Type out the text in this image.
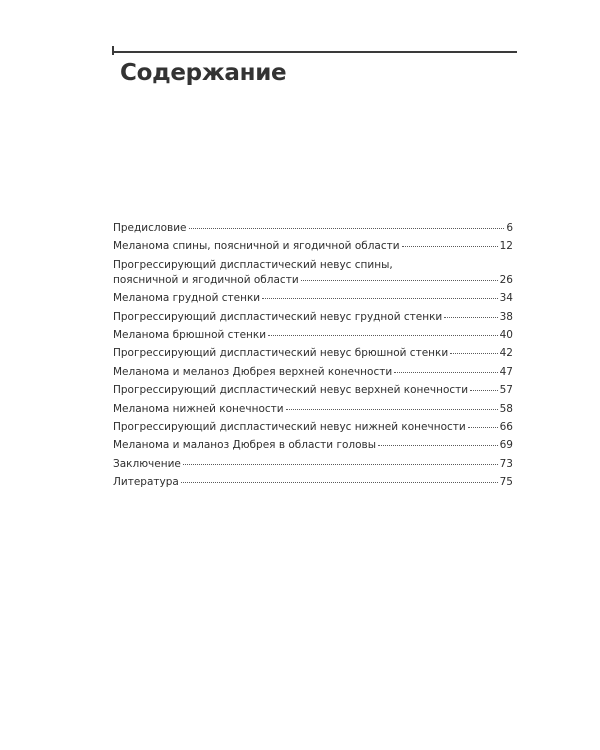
Содержание
Предисловие	6
Меланома спины, поясничной и ягодичной области	12
Прогрессирующий диспластический невус спины,
поясничной и ягодичной области	26
Меланома грудной стенки	34
Прогрессирующий диспластический невус грудной стенки	38
Меланома брюшной стенки	40
Прогрессирующий диспластический невус брюшной стенки	42
Меланома и меланоз Дюбрея верхней конечности	47
Прогрессирующий диспластический невус верхней конечности	57
Меланома нижней конечности	58
Прогрессирующий диспластический невус нижней конечности	66
Меланома и маланоз Дюбрея в области головы	69
Заключение	73
Литература	75
